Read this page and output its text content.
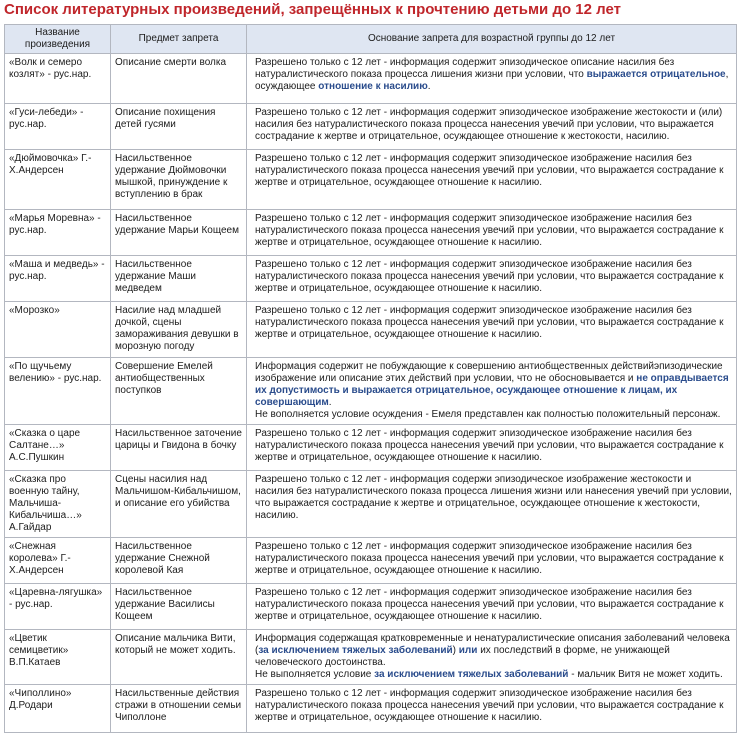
Список литературных произведений, запрещённых к прочтению детьми до 12 лет
Название произведения	Предмет запрета	Основание запрета для возрастной группы до 12 лет
«Волк и семеро козлят» - рус.нар.	Описание смерти волка	Разрешено только с 12 лет - информация содержит эпизодическое описание насилия без натуралистического показа процесса лишения жизни при условии, что выражается отрицательное, осуждающее отношение к насилию.
«Гуси-лебеди» - рус.нар.	Описание похищения детей гусями	Разрешено только с 12 лет - информация содержит эпизодическое изображение жестокости и (или) насилия без натуралистического показа процесса нанесения увечий при условии, что выражается сострадание к жертве и отрицательное, осуждающее отношение к жестокости, насилию.
«Дюймовочка» Г.-Х.Андерсен	Насильственное удержание Дюймовочки мышкой, принуждение к вступлению в брак	Разрешено только с 12 лет - информация содержит эпизодическое изображение насилия без натуралистического показа процесса нанесения увечий при условии, что выражается сострадание к жертве и отрицательное, осуждающее отношение к насилию.
«Марья Моревна» - рус.нар.	Насильственное удержание Марьи Кощеем	Разрешено только с 12 лет - информация содержит эпизодическое изображение насилия без натуралистического показа процесса нанесения увечий при условии, что выражается сострадание к жертве и отрицательное, осуждающее отношение к насилию.
«Маша и медведь» - рус.нар.	Насильственное удержание Маши медведем	Разрешено только с 12 лет - информация содержит эпизодическое изображение насилия без натуралистического показа процесса нанесения увечий при условии, что выражается сострадание к жертве и отрицательное, осуждающее отношение к насилию.
«Морозко»	Насилие над младшей дочкой, сцены замораживания девушки в морозную погоду	Разрешено только с 12 лет - информация содержит эпизодическое изображение насилия без натуралистического показа процесса нанесения увечий при условии, что выражается сострадание к жертве и отрицательное, осуждающее отношение к насилию.
«По щучьему велению» - рус.нар.	Совершение Емелей антиобщественных поступков	Информация содержит не побуждающие к совершению антиобщественных действийэпизодические изображение или описание этих действий при условии, что не обосновывается и не оправдывается их допустимость и выражается отрицательное, осуждающее отношение к лицам, их совершающим.
Не вополняется условие осуждения - Емеля представлен как полностью положительный персонаж.
«Сказка о царе Салтане…» А.С.Пушкин	Насильственное заточение царицы и Гвидона в бочку	Разрешено только с 12 лет - информация содержит эпизодическое изображение насилия без натуралистического показа процесса нанесения увечий при условии, что выражается сострадание к жертве и отрицательное, осуждающее отношение к насилию.
«Сказка про военную тайну, Мальчиша-Кибальчиша…» А.Гайдар	Сцены насилия над Мальчишом-Кибальчишом, и описание его убийства	Разрешено только с 12 лет - информация содержи эпизодическое изображение жестокости и насилия без натуралистического показа процесса лишения жизни или нанесения увечий при условии, что выражается сострадание к жертве и отрицательное, осуждающее отношение к жестокости, насилию.
«Снежная королева» Г.-Х.Андерсен	Насильственное удержание Снежной королевой Кая	Разрешено только с 12 лет - информация содержит эпизодическое изображение насилия без натуралистического показа процесса нанесения увечий при условии, что выражается сострадание к жертве и отрицательное, осуждающее отношение к насилию.
«Царевна-лягушка» - рус.нар.	Насильственное удержание Василисы Кощеем	Разрешено только с 12 лет - информация содержит эпизодическое изображение насилия без натуралистического показа процесса нанесения увечий при условии, что выражается сострадание к жертве и отрицательное, осуждающее отношение к насилию.
«Цветик семицветик» В.П.Катаев	Описание мальчика Вити, который не может ходить.	Информация содержащая кратковременные и ненатуралистические описания заболеваний человека (за исключением тяжелых заболеваний) или их последствий в форме, не унижающей человеческого достоинства.
Не выполняется условие за исключением тяжелых заболеваний - мальчик Витя не может ходить.
«Чиполлино» Д.Родари	Насильственные действия стражи в отношении семьи Чиполлоне	Разрешено только с 12 лет - информация содержит эпизодическое изображение насилия без натуралистического показа процесса нанесения увечий при условии, что выражается сострадание к жертве и отрицательное, осуждающее отношение к насилию.
